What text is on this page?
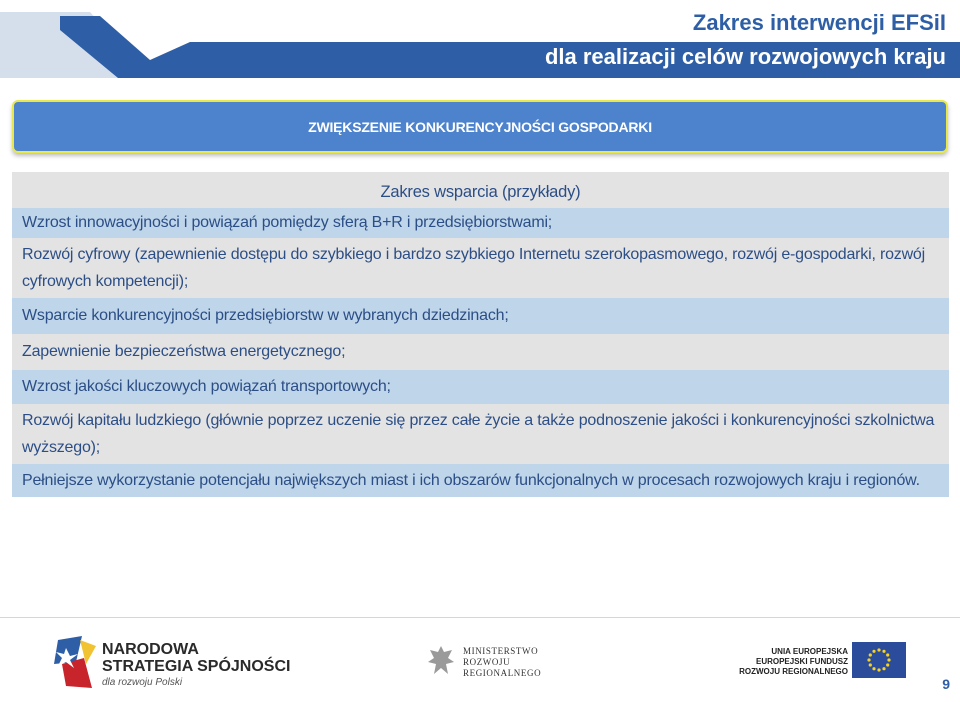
Zakres interwencji EFSiI
dla realizacji celów rozwojowych kraju
ZWIĘKSZENIE KONKURENCYJNOŚCI GOSPODARKI
Zakres wsparcia (przykłady)
Wzrost innowacyjności i powiązań pomiędzy sferą B+R i przedsiębiorstwami;
Rozwój cyfrowy (zapewnienie dostępu do szybkiego i bardzo szybkiego Internetu szerokopasmowego, rozwój e-gospodarki, rozwój cyfrowych kompetencji);
Wsparcie konkurencyjności przedsiębiorstw w wybranych dziedzinach;
Zapewnienie bezpieczeństwa energetycznego;
Wzrost jakości kluczowych powiązań transportowych;
Rozwój kapitału ludzkiego (głównie poprzez uczenie się przez całe życie a także podnoszenie jakości i konkurencyjności szkolnictwa wyższego);
Pełniejsze wykorzystanie potencjału największych miast i ich obszarów funkcjonalnych w procesach rozwojowych kraju i regionów.
NARODOWA
STRATEGIA SPÓJNOŚCI
dla rozwoju Polski
MINISTERSTWO
ROZWOJU
REGIONALNEGO
UNIA EUROPEJSKA
EUROPEJSKI FUNDUSZ
ROZWOJU REGIONALNEGO
9
